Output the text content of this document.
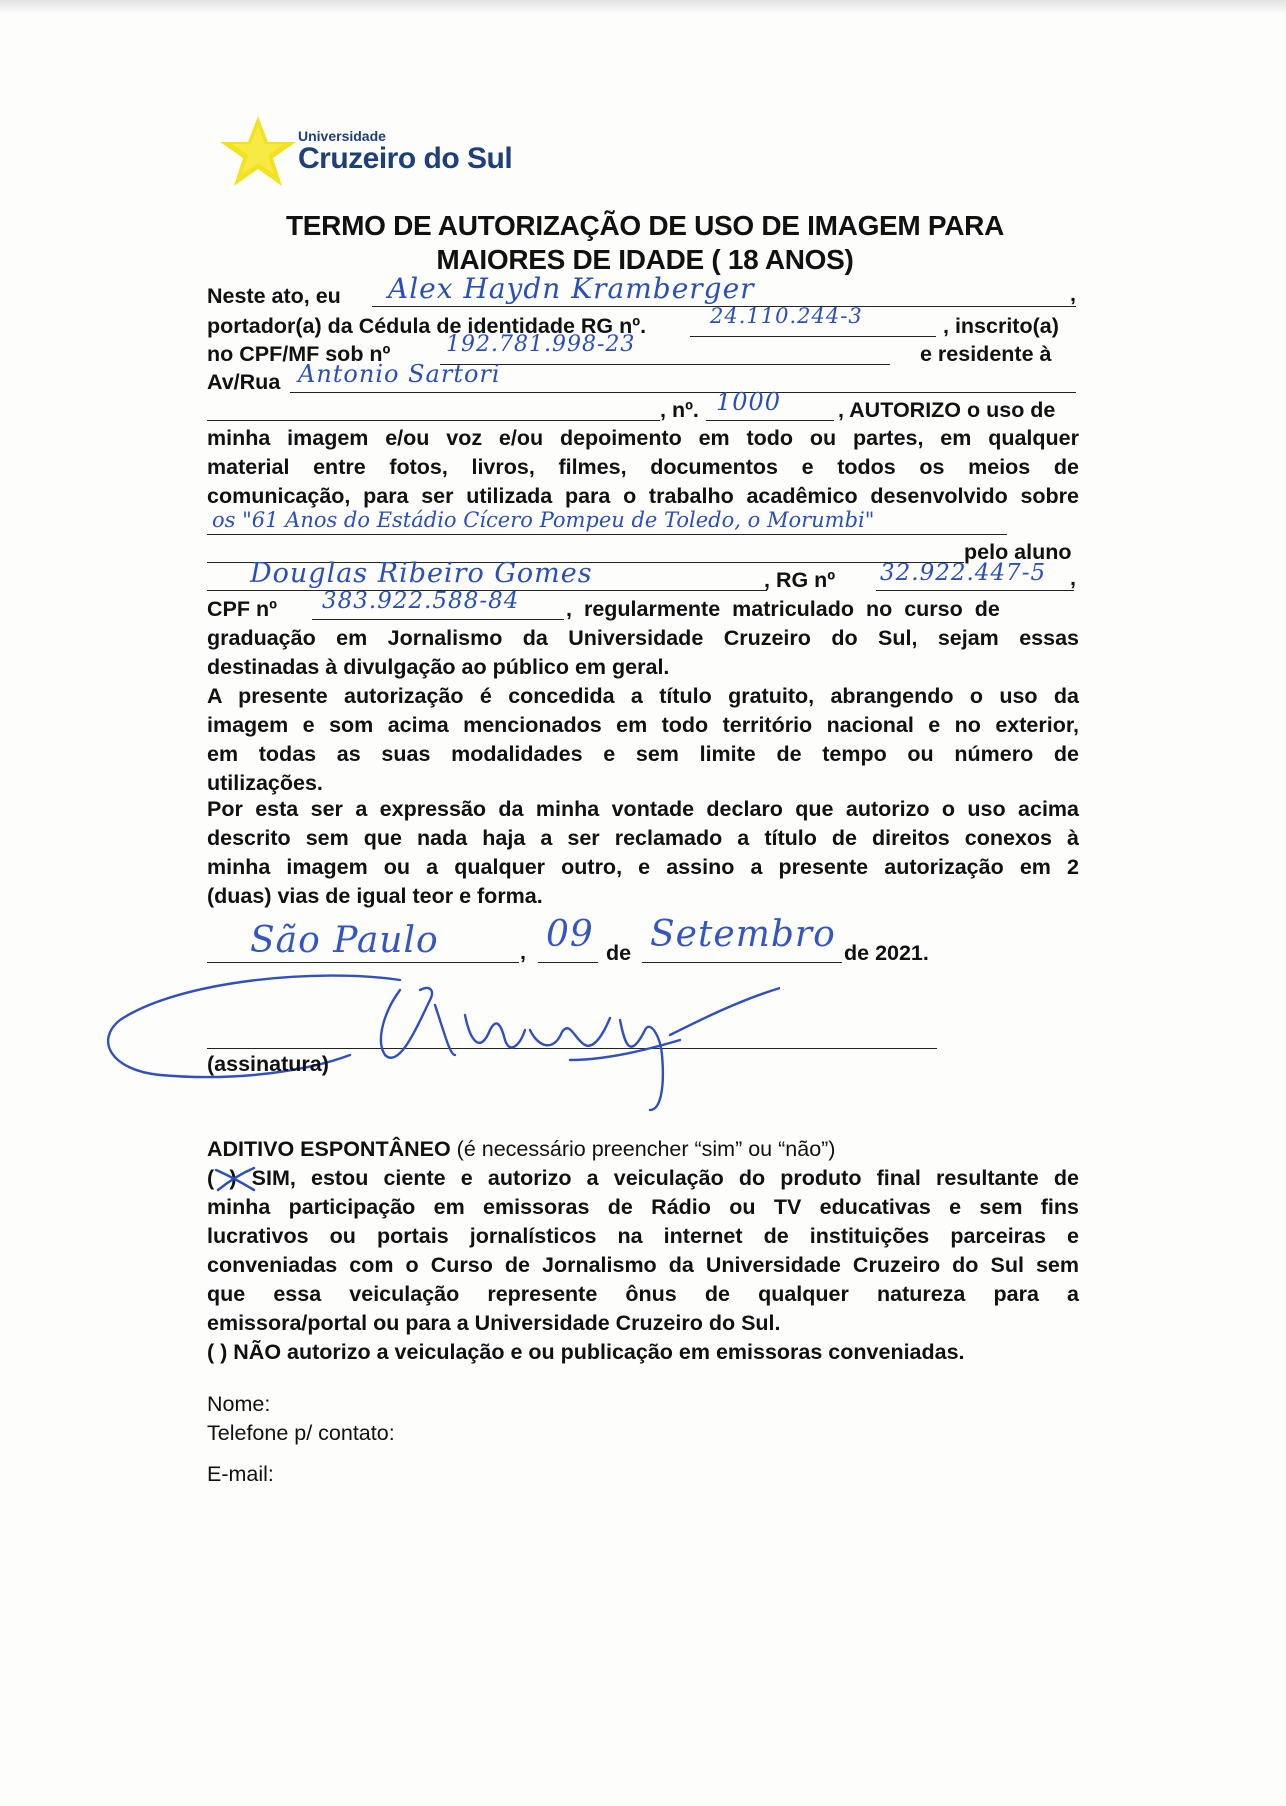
Universidade
Cruzeiro do Sul
TERMO DE AUTORIZAÇÃO DE USO DE IMAGEM PARA
MAIORES DE IDADE ( 18 ANOS)
Neste ato, eu	,
Alex Haydn Kramberger
portador(a) da Cédula de identidade RG nº.	24.110.244-3	, inscrito(a)
no CPF/MF sob nº	192.781.998-23	e residente à
Av/Rua Antonio Sartori
, nº. 1000	, AUTORIZO o uso de
minha imagem e/ou voz e/ou depoimento em todo ou partes, em qualquer
material entre fotos, livros, filmes, documentos e todos os meios de
comunicação, para ser utilizada para o trabalho acadêmico desenvolvido sobre
os "61 Anos do Estádio Cícero Pompeu de Toledo, o Morumbi"
pelo aluno
Douglas Ribeiro Gomes	, RG nº 32.922.447-5 ,
CPF nº 383.922.588-84 , regularmente matriculado no curso de
graduação em Jornalismo da Universidade Cruzeiro do Sul, sejam essas
destinadas à divulgação ao público em geral.
A presente autorização é concedida a título gratuito, abrangendo o uso da
imagem e som acima mencionados em todo território nacional e no exterior,
em todas as suas modalidades e sem limite de tempo ou número de
utilizações.
Por esta ser a expressão da minha vontade declaro que autorizo o uso acima
descrito sem que nada haja a ser reclamado a título de direitos conexos à
minha imagem ou a qualquer outro, e assino a presente autorização em 2
(duas) vias de igual teor e forma.
São Paulo	, 09 de Setembro de 2021.
(assinatura)
ADITIVO ESPONTÂNEO (é necessário preencher “sim” ou “não”)
( ) SIM, estou ciente e autorizo a veiculação do produto final resultante de
minha participação em emissoras de Rádio ou TV educativas e sem fins
lucrativos ou portais jornalísticos na internet de instituições parceiras e
conveniadas com o Curso de Jornalismo da Universidade Cruzeiro do Sul sem
que essa veiculação represente ônus de qualquer natureza para a
emissora/portal ou para a Universidade Cruzeiro do Sul.
( ) NÃO autorizo a veiculação e ou publicação em emissoras conveniadas.
Nome:
Telefone p/ contato:
E-mail:
